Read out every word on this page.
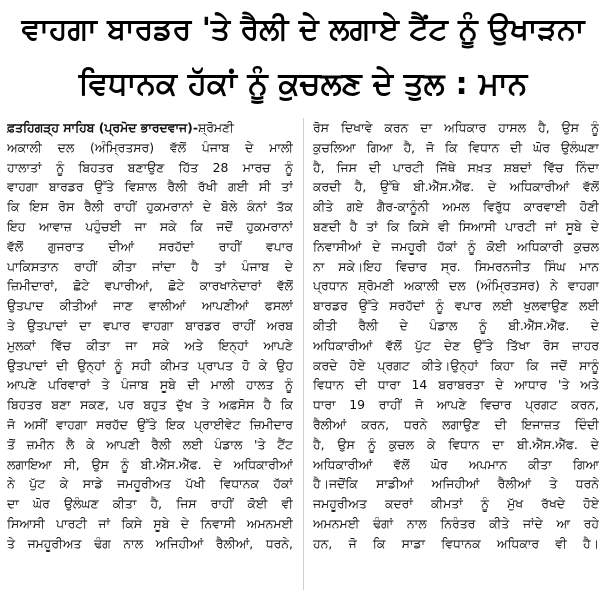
ਵਾਹਗਾ ਬਾਰਡਰ 'ਤੇ ਰੈਲੀ ਦੇ ਲਗਾਏ ਟੈਂਟ ਨੂੰ ਉਖਾੜਨਾ
ਵਿਧਾਨਕ ਹੱਕਾਂ ਨੂੰ ਕੁਚਲਣ ਦੇ ਤੁਲ : ਮਾਨ
ਫ਼ਤਹਿਗੜ੍ਹ ਸਾਹਿਬ (ਪ੍ਰਮੋਦ ਭਾਰਦਵਾਜ)-ਸ਼੍ਰੋਮਣੀ
ਅਕਾਲੀ ਦਲ (ਅੰਮ੍ਰਿਤਸਰ) ਵੱਲੋਂ ਪੰਜਾਬ ਦੇ ਮਾਲੀ
ਹਾਲਾਤਾਂ ਨੂੰ ਬਿਹਤਰ ਬਣਾਉਣ ਹਿੱਤ 28 ਮਾਰਚ ਨੂੰ
ਵਾਹਗਾ ਬਾਰਡਰ ਉੱਤੇ ਵਿਸ਼ਾਲ ਰੈਲੀ ਰੱਖੀ ਗਈ ਸੀ ਤਾਂ
ਕਿ ਇਸ ਰੋਸ ਰੈਲੀ ਰਾਹੀਂ ਹੁਕਮਰਾਨਾਂ ਦੇ ਬੋਲੇ ਕੰਨਾਂ ਤੱਕ
ਇਹ ਆਵਾਜ਼ ਪਹੁੰਚਈ ਜਾ ਸਕੇ ਕਿ ਜਦੋਂ ਹੁਕਮਰਾਨਾਂ
ਵੱਲੋਂ ਗੁਜਰਾਤ ਦੀਆਂ ਸਰਹੱਦਾਂ ਰਾਹੀਂ ਵਪਾਰ
ਪਾਕਿਸਤਾਨ ਰਾਹੀਂ ਕੀਤਾ ਜਾਂਦਾ ਹੈ ਤਾਂ ਪੰਜਾਬ ਦੇ
ਜ਼ਿਮੀਦਾਰਾਂ, ਛੋਟੇ ਵਪਾਰੀਆਂ, ਛੋਟੇ ਕਾਰਖਾਨੇਦਾਰਾਂ ਵੱਲੋਂ
ਉਤਪਾਦ ਕੀਤੀਆਂ ਜਾਣ ਵਾਲੀਆਂ ਆਪਣੀਆਂ ਫਸਲਾਂ
ਤੇ ਉਤਪਾਦਾਂ ਦਾ ਵਪਾਰ ਵਾਹਗਾ ਬਾਰਡਰ ਰਾਹੀਂ ਅਰਬ
ਮੁਲਕਾਂ ਵਿੱਚ ਕੀਤਾ ਜਾ ਸਕੇ ਅਤੇ ਇਨ੍ਹਾਂ ਆਪਣੇ
ਉਤਪਾਦਾਂ ਦੀ ਉਨ੍ਹਾਂ ਨੂੰ ਸਹੀ ਕੀਮਤ ਪ੍ਰਾਪਤ ਹੋ ਕੇ ਉਹ
ਆਪਣੇ ਪਰਿਵਾਰਾਂ ਤੇ ਪੰਜਾਬ ਸੂਬੇ ਦੀ ਮਾਲੀ ਹਾਲਤ ਨੂੰ
ਬਿਹਤਰ ਬਣਾ ਸਕਣ, ਪਰ ਬਹੁਤ ਦੁੱਖ ਤੇ ਅਫ਼ਸੋਸ ਹੈ ਕਿ
ਜੋ ਅਸੀਂ ਵਾਹਗਾ ਸਰਹੱਦ ਉੱਤੇ ਇਕ ਪ੍ਰਾਈਵੇਟ ਜ਼ਿਮੀਦਾਰ
ਤੋਂ ਜ਼ਮੀਨ ਲੈ ਕੇ ਆਪਣੀ ਰੈਲੀ ਲਈ ਪੰਡਾਲ 'ਤੇ ਟੈਂਟ
ਲਗਾਇਆ ਸੀ, ਉਸ ਨੂੰ ਬੀ.ਐੱਸ.ਐੱਫ. ਦੇ ਅਧਿਕਾਰੀਆਂ
ਨੇ ਪੁੱਟ ਕੇ ਸਾਡੇ ਜਮਹੂਰੀਅਤ ਪੱਖੀ ਵਿਧਾਨਕ ਹੱਕਾਂ
ਦਾ ਘੋਰ ਉਲੰਘਣ ਕੀਤਾ ਹੈ, ਜਿਸ ਰਾਹੀਂ ਕੋਈ ਵੀ
ਸਿਆਸੀ ਪਾਰਟੀ ਜਾਂ ਕਿਸੇ ਸੂਬੇ ਦੇ ਨਿਵਾਸੀ ਅਮਨਮਈ
ਤੇ ਜਮਹੂਰੀਅਤ ਢੰਗ ਨਾਲ ਅਜਿਹੀਆਂ ਰੈਲੀਆਂ, ਧਰਨੇ,
ਰੋਸ ਦਿਖਾਵੇ ਕਰਨ ਦਾ ਅਧਿਕਾਰ ਹਾਸਲ ਹੈ, ਉਸ ਨੂੰ
ਕੁਚਲਿਆ ਗਿਆ ਹੈ, ਜੋ ਕਿ ਵਿਧਾਨ ਦੀ ਘੋਰ ਉਲੰਘਣਾ
ਹੈ, ਜਿਸ ਦੀ ਪਾਰਟੀ ਜਿੱਥੇ ਸਖ਼ਤ ਸ਼ਬਦਾਂ ਵਿੱਚ ਨਿੰਦਾ
ਕਰਦੀ ਹੈ, ਉੱਥੇ ਬੀ.ਐੱਸ.ਐੱਫ. ਦੇ ਅਧਿਕਾਰੀਆਂ ਵੱਲੋਂ
ਕੀਤੇ ਗਏ ਗੈਰ-ਕਾਨੂੰਨੀ ਅਮਲ ਵਿਰੁੱਧ ਕਾਰਵਾਈ ਹੋਣੀ
ਬਣਦੀ ਹੈ ਤਾਂ ਕਿ ਕਿਸੇ ਵੀ ਸਿਆਸੀ ਪਾਰਟੀ ਜਾਂ ਸੂਬੇ ਦੇ
ਨਿਵਾਸੀਆਂ ਦੇ ਜਮਹੂਰੀ ਹੱਕਾਂ ਨੂੰ ਕੋਈ ਅਧਿਕਾਰੀ ਕੁਚਲ
ਨਾ ਸਕੇ।ਇਹ ਵਿਚਾਰ ਸ੍ਰ. ਸਿਮਰਨਜੀਤ ਸਿੰਘ ਮਾਨ
ਪ੍ਰਧਾਨ ਸ਼੍ਰੋਮਣੀ ਅਕਾਲੀ ਦਲ (ਅੰਮ੍ਰਿਤਸਰ) ਨੇ ਵਾਹਗਾ
ਬਾਰਡਰ ਉੱਤੇ ਸਰਹੱਦਾਂ ਨੂੰ ਵਪਾਰ ਲਈ ਖੁਲਵਾਉਣ ਲਈ
ਕੀਤੀ ਰੈਲੀ ਦੇ ਪੰਡਾਲ ਨੂੰ ਬੀ.ਐੱਸ.ਐੱਫ. ਦੇ
ਅਧਿਕਾਰੀਆਂ ਵੱਲੋਂ ਪੁੱਟ ਦੇਣ ਉੱਤੇ ਤਿੱਖਾ ਰੋਸ ਜ਼ਾਹਰ
ਕਰਦੇ ਹੋਏ ਪ੍ਰਗਟ ਕੀਤੇ।ਉਨ੍ਹਾਂ ਕਿਹਾ ਕਿ ਜਦੋਂ ਸਾਨੂੰ
ਵਿਧਾਨ ਦੀ ਧਾਰਾ 14 ਬਰਾਬਰਤਾ ਦੇ ਆਧਾਰ 'ਤੇ ਅਤੇ
ਧਾਰਾ 19 ਰਾਹੀਂ ਜੋ ਆਪਣੇ ਵਿਚਾਰ ਪ੍ਰਗਟ ਕਰਨ,
ਰੈਲੀਆਂ ਕਰਨ, ਧਰਨੇ ਲਗਾਉਣ ਦੀ ਇਜਾਜ਼ਤ ਦਿੰਦੀ
ਹੈ, ਉਸ ਨੂੰ ਕੁਚਲ ਕੇ ਵਿਧਾਨ ਦਾ ਬੀ.ਐੱਸ.ਐੱਫ. ਦੇ
ਅਧਿਕਾਰੀਆਂ ਵੱਲੋਂ ਘੋਰ ਅਪਮਾਨ ਕੀਤਾ ਗਿਆ
ਹੈ।ਜਦੋਂਕਿ ਸਾਡੀਆਂ ਅਜਿਹੀਆਂ ਰੈਲੀਆਂ ਤੇ ਧਰਨੇ
ਜਮਹੂਰੀਅਤ ਕਦਰਾਂ ਕੀਮਤਾਂ ਨੂੰ ਮੁੱਖ ਰੱਖਦੇ ਹੋਏ
ਅਮਨਮਈ ਢੰਗਾਂ ਨਾਲ ਨਿਰੰਤਰ ਕੀਤੇ ਜਾਂਦੇ ਆ ਰਹੇ
ਹਨ, ਜੋ ਕਿ ਸਾਡਾ ਵਿਧਾਨਕ ਅਧਿਕਾਰ ਵੀ ਹੈ।
